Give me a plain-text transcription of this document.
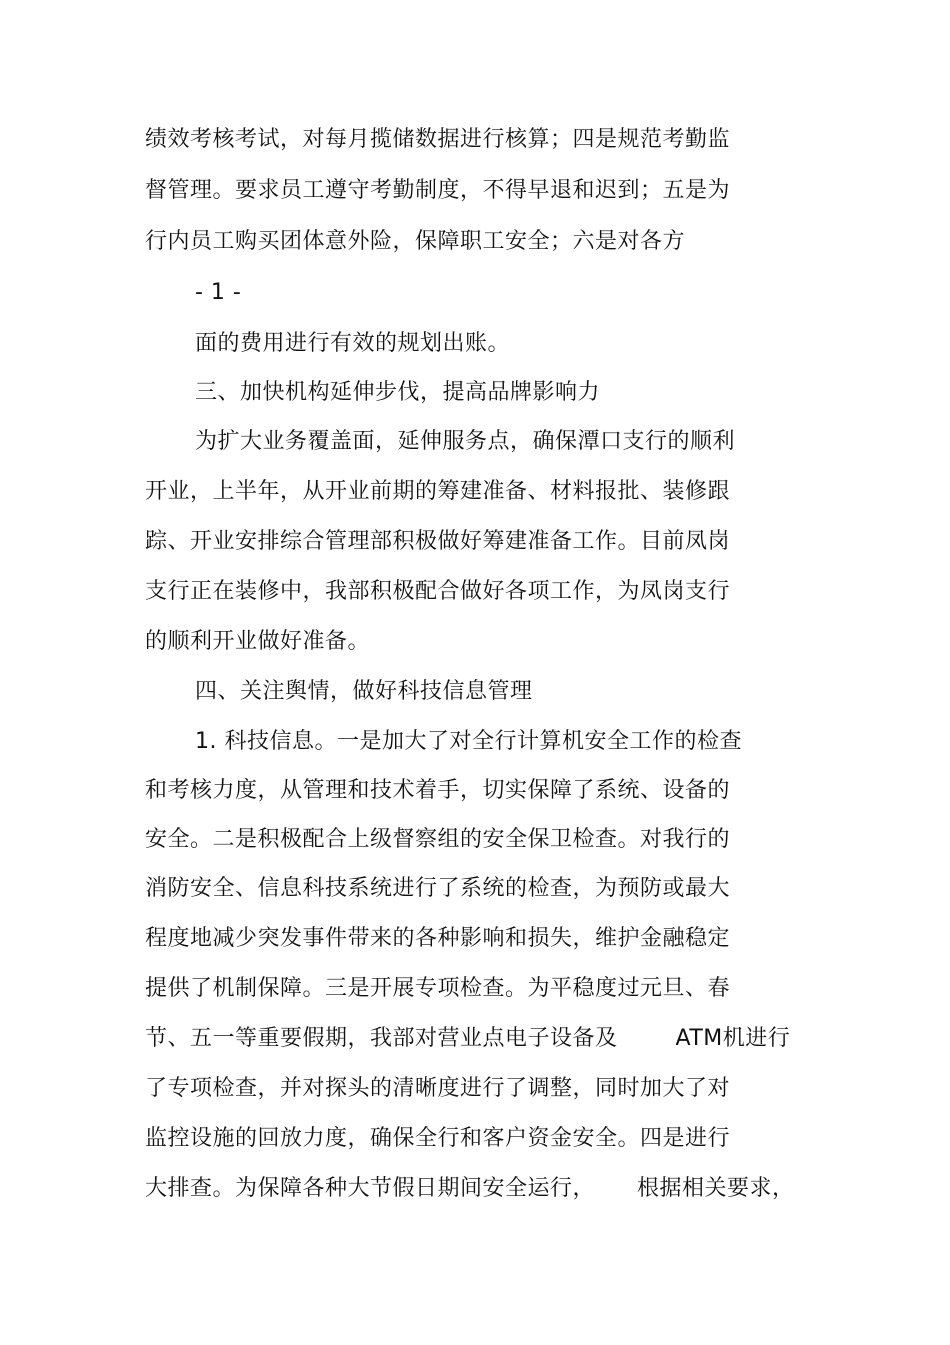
绩效考核考试，对每月揽储数据进行核算；四是规范考勤监
督管理。要求员工遵守考勤制度，不得早退和迟到；五是为
行内员工购买团体意外险，保障职工安全；六是对各方
- 1 -
面的费用进行有效的规划出账。
三、加快机构延伸步伐，提高品牌影响力
为扩大业务覆盖面，延伸服务点，确保潭口支行的顺利
开业，上半年，从开业前期的筹建准备、材料报批、装修跟
踪、开业安排综合管理部积极做好筹建准备工作。目前凤岗
支行正在装修中，我部积极配合做好各项工作，为凤岗支行
的顺利开业做好准备。
四、关注舆情，做好科技信息管理
1. 科技信息。一是加大了对全行计算机安全工作的检查
和考核力度，从管理和技术着手，切实保障了系统、设备的
安全。二是积极配合上级督察组的安全保卫检查。对我行的
消防安全、信息科技系统进行了系统的检查，为预防或最大
程度地减少突发事件带来的各种影响和损失，维护金融稳定
提供了机制保障。三是开展专项检查。为平稳度过元旦、春
节、五一等重要假期，我部对营业点电子设备及	ATM机进行
了专项检查，并对探头的清晰度进行了调整，同时加大了对
监控设施的回放力度，确保全行和客户资金安全。四是进行
大排查。为保障各种大节假日期间安全运行， 根据相关要求，
